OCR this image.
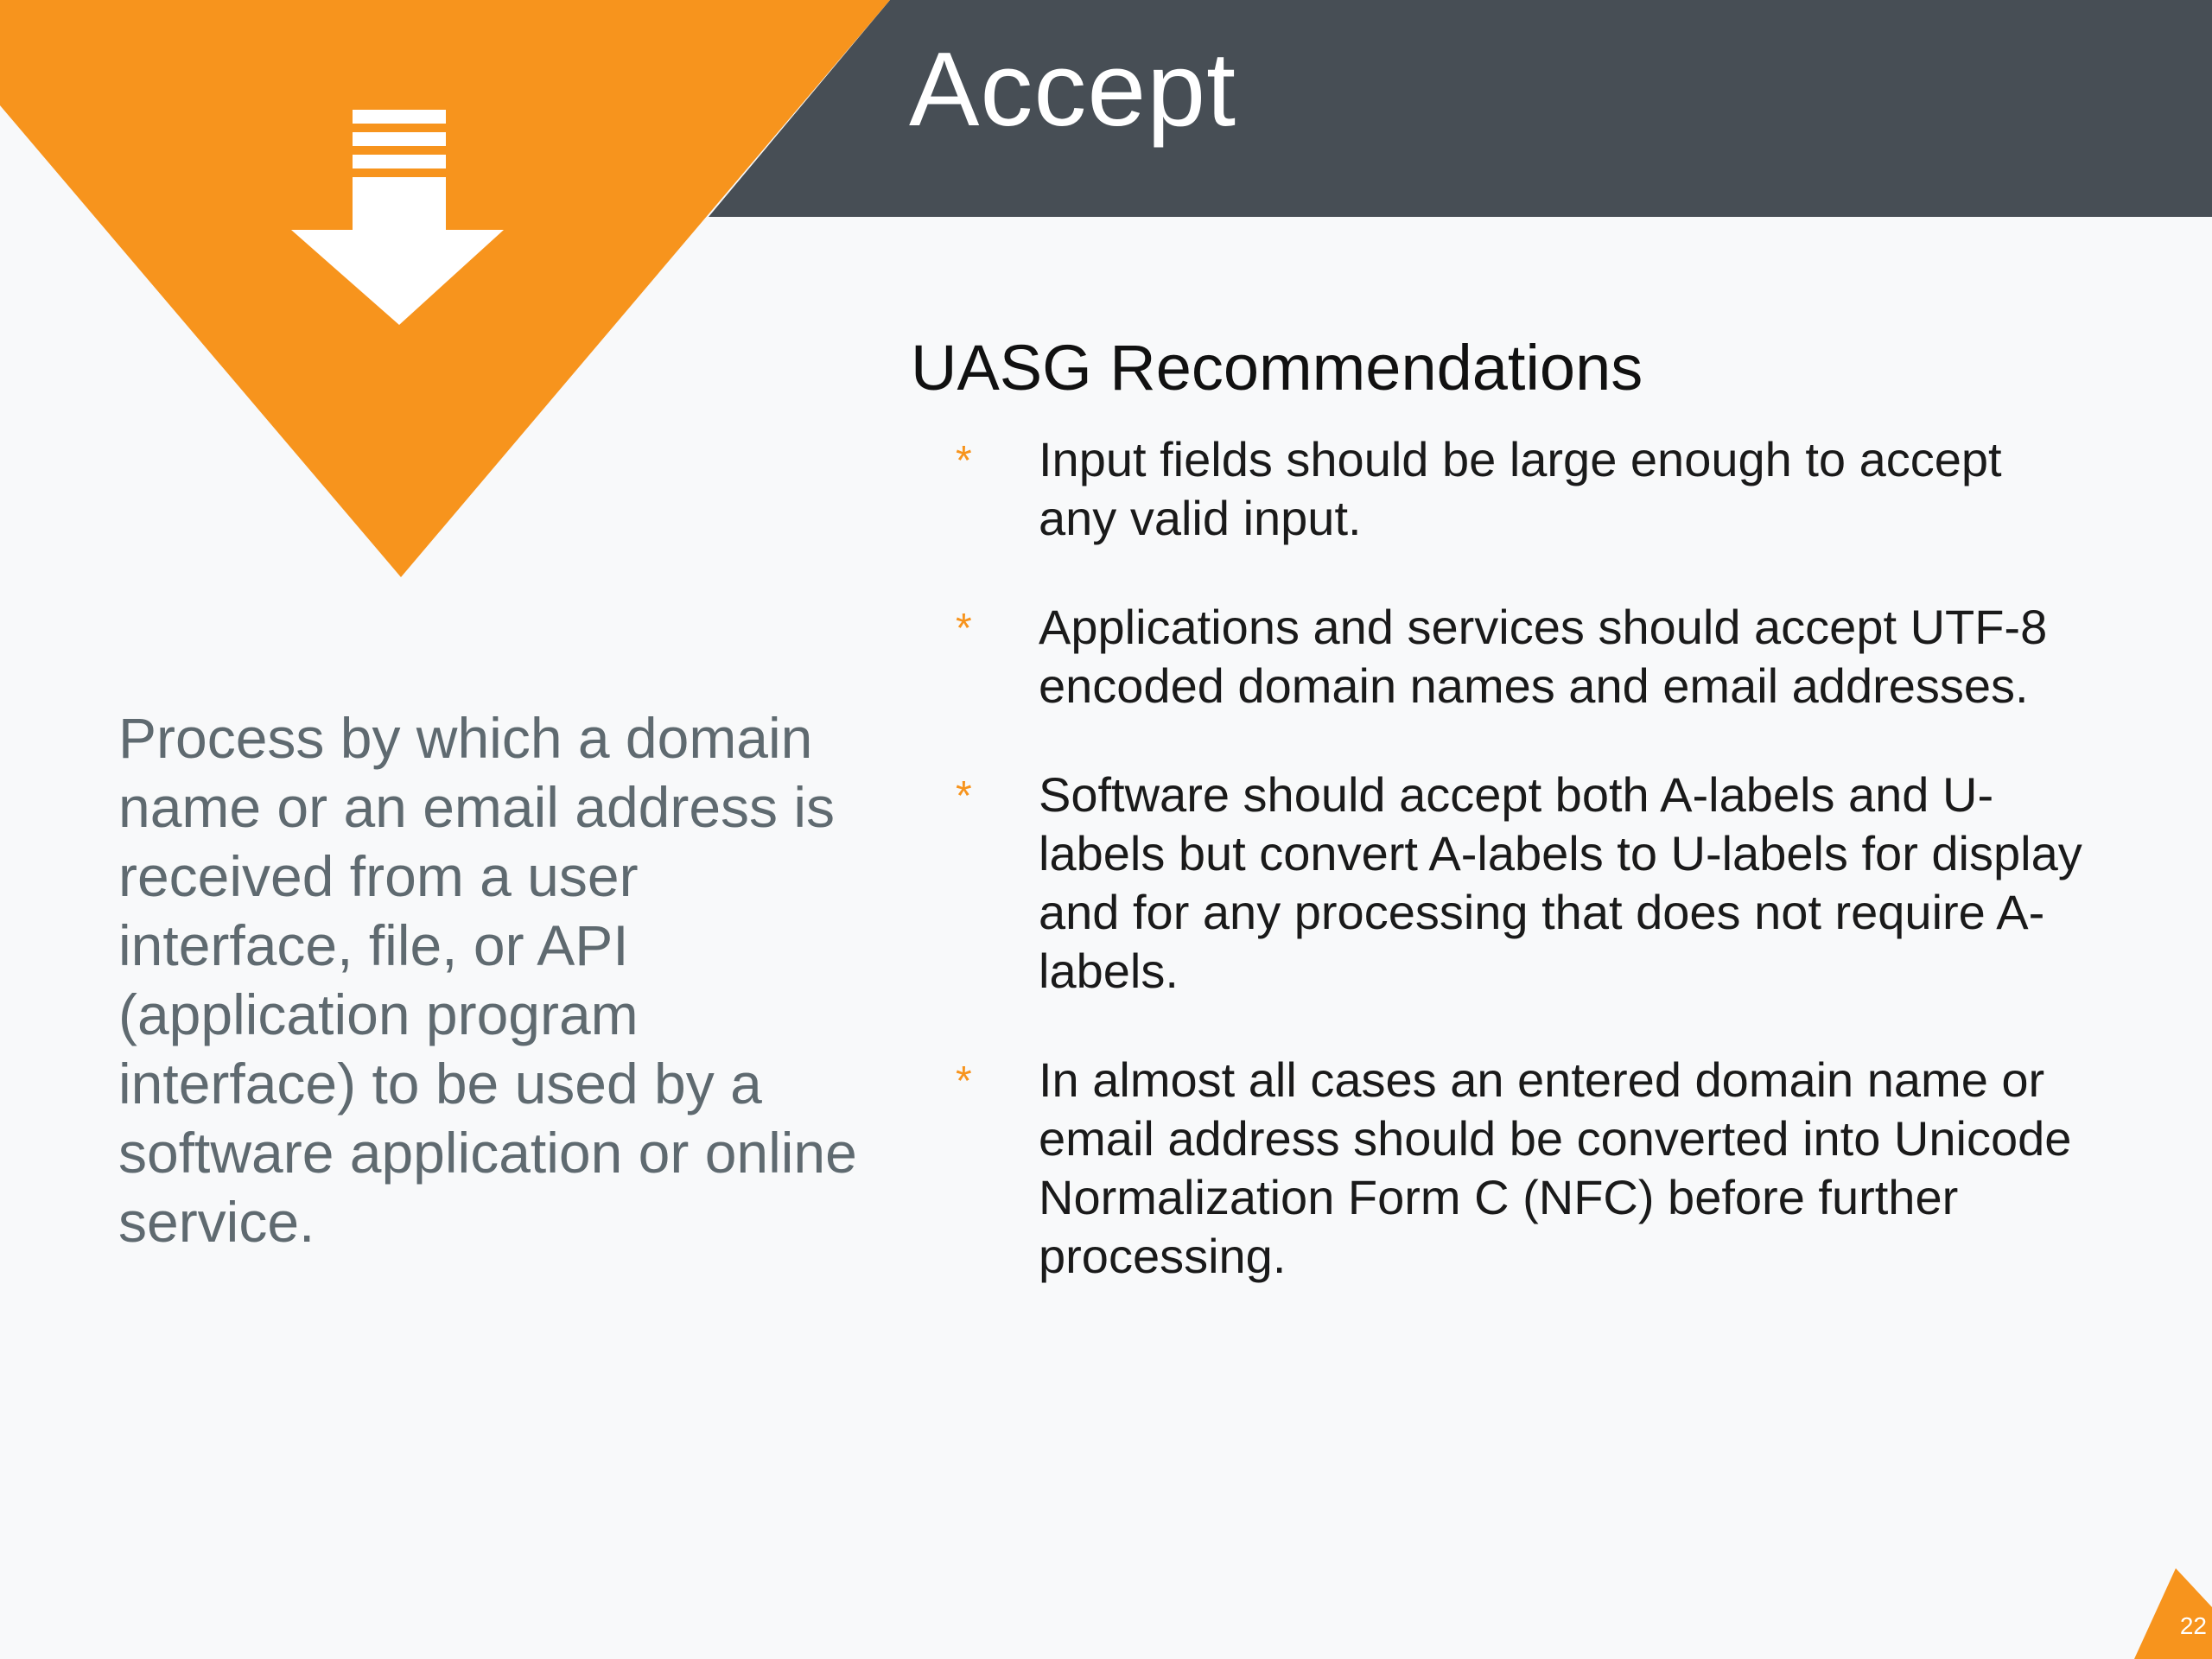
Accept
UASG Recommendations
* Input fields should be large enough to accept any valid input.
* Applications and services should accept UTF-8 encoded domain names and email addresses.
* Software should accept both A-labels and U-labels but convert A-labels to U-labels for display and for any processing that does not require A-labels.
* In almost all cases an entered domain name or email address should be converted into Unicode Normalization Form C (NFC) before further processing.

Process by which a domain name or an email address is received from a user interface, file, or API (application program interface) to be used by a software application or online service.

22
